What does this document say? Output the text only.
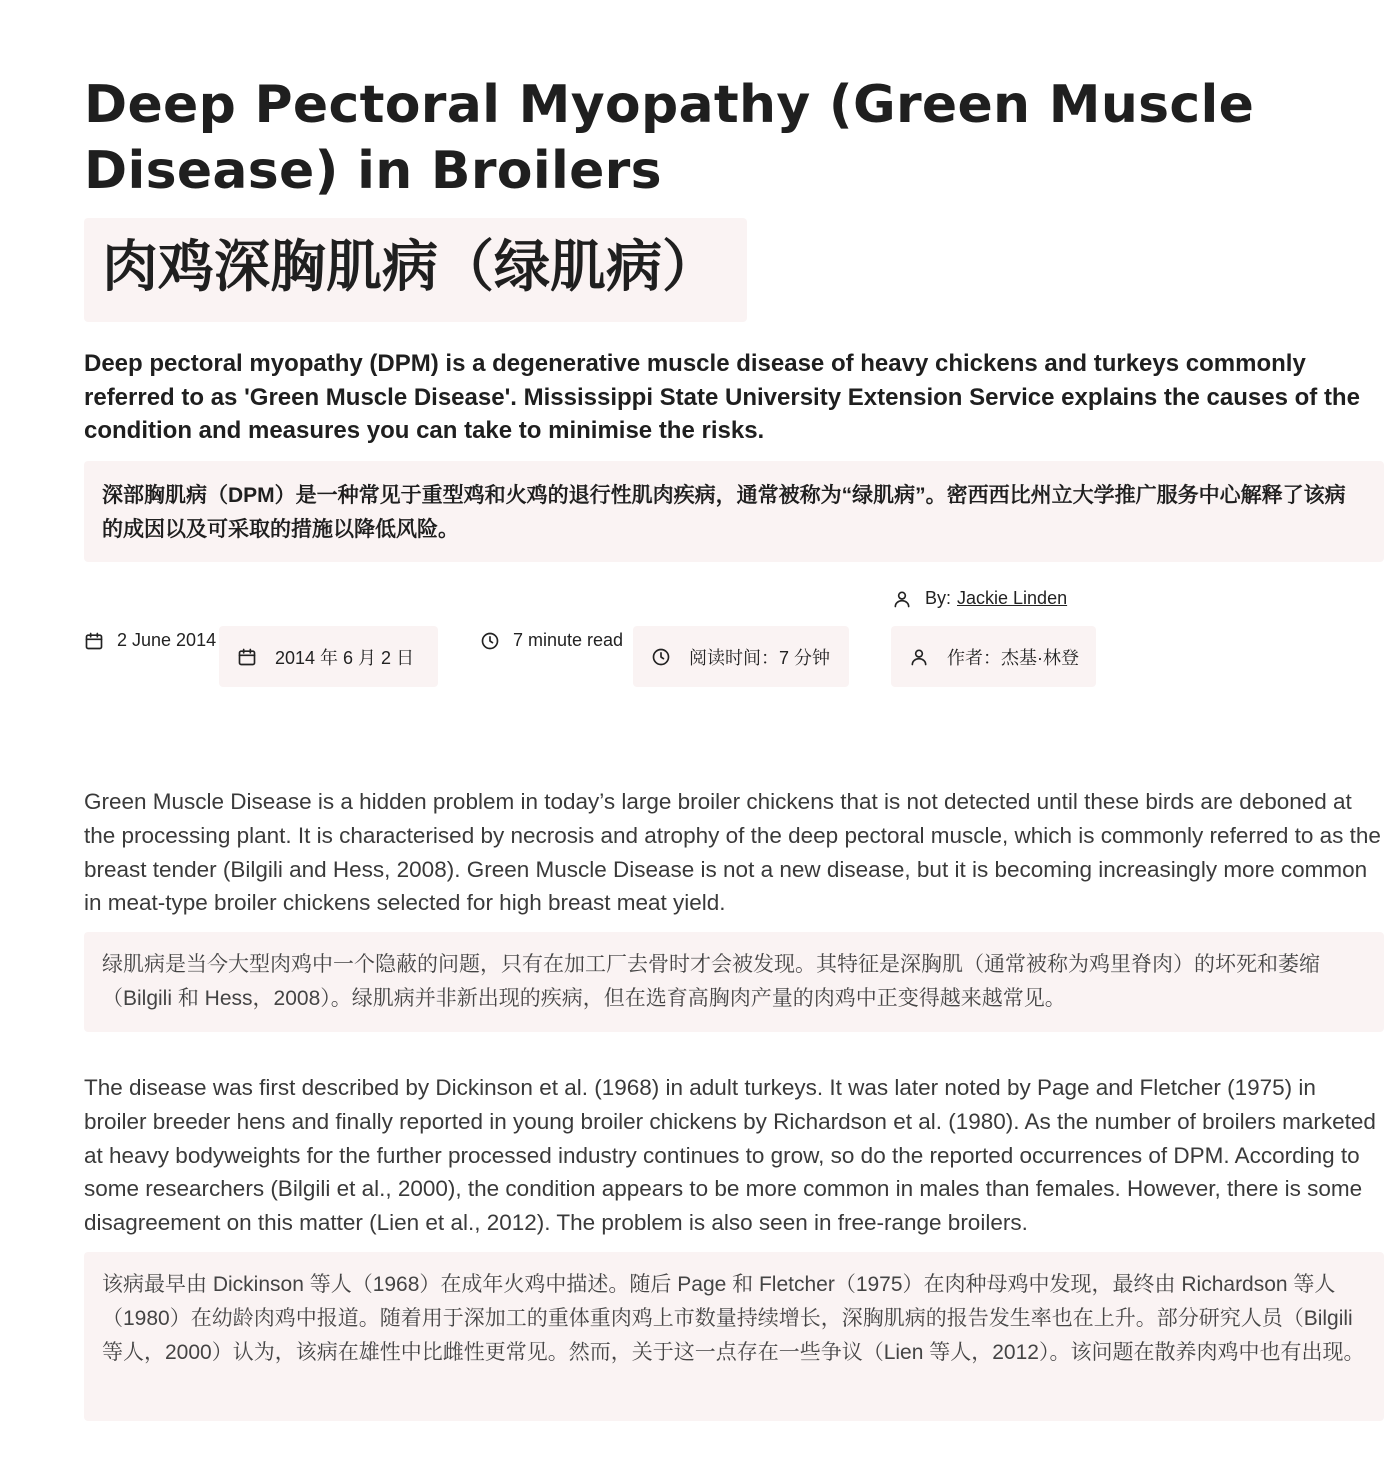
Deep Pectoral Myopathy (Green Muscle Disease) in Broilers
肉鸡深胸肌病（绿肌病）

Deep pectoral myopathy (DPM) is a degenerative muscle disease of heavy chickens and turkeys commonly referred to as 'Green Muscle Disease'. Mississippi State University Extension Service explains the causes of the condition and measures you can take to minimise the risks.

深部胸肌病（DPM）是一种常见于重型鸡和火鸡的退行性肌肉疾病，通常被称为“绿肌病”。密西西比州立大学推广服务中心解释了该病的成因以及可采取的措施以降低风险。
2 June 2014
2014 年 6 月 2 日
7 minute read
阅读时间：7 分钟
By: Jackie Linden
作者：杰基·林登

Green Muscle Disease is a hidden problem in today’s large broiler chickens that is not detected until these birds are deboned at the processing plant. It is characterised by necrosis and atrophy of the deep pectoral muscle, which is commonly referred to as the breast tender (Bilgili and Hess, 2008). Green Muscle Disease is not a new disease, but it is becoming increasingly more common in meat-type broiler chickens selected for high breast meat yield.

绿肌病是当今大型肉鸡中一个隐蔽的问题，只有在加工厂去骨时才会被发现。其特征是深胸肌（通常被称为鸡里脊肉）的坏死和萎缩（Bilgili 和 Hess，2008）。绿肌病并非新出现的疾病，但在选育高胸肉产量的肉鸡中正变得越来越常见。

The disease was first described by Dickinson et al. (1968) in adult turkeys. It was later noted by Page and Fletcher (1975) in broiler breeder hens and finally reported in young broiler chickens by Richardson et al. (1980). As the number of broilers marketed at heavy bodyweights for the further processed industry continues to grow, so do the reported occurrences of DPM. According to some researchers (Bilgili et al., 2000), the condition appears to be more common in males than females. However, there is some disagreement on this matter (Lien et al., 2012). The problem is also seen in free-range broilers.

该病最早由 Dickinson 等人（1968）在成年火鸡中描述。随后 Page 和 Fletcher（1975）在肉种母鸡中发现，最终由 Richardson 等人（1980）在幼龄肉鸡中报道。随着用于深加工的重体重肉鸡上市数量持续增长，深胸肌病的报告发生率也在上升。部分研究人员（Bilgili 等人，2000）认为，该病在雄性中比雌性更常见。然而，关于这一点存在一些争议（Lien 等人，2012）。该问题在散养肉鸡中也有出现。
